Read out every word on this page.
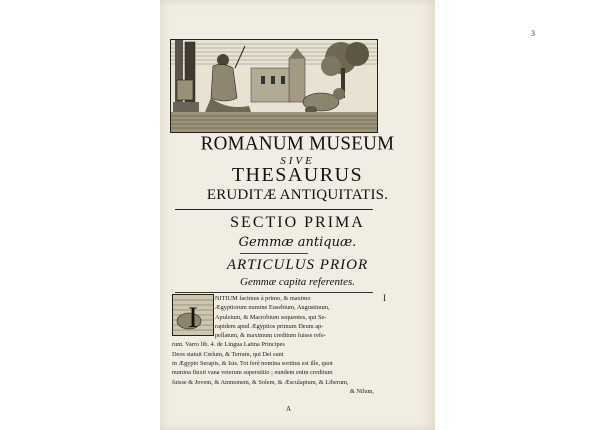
3
ROMANUM MUSEUM
SIVE
THESAURUS
ERUDITÆ ANTIQUITATIS.
SECTIO PRIMA
Gemmæ antiquæ.
ARTICULUS PRIOR
Gemmæ capita referentes.
I
NITIUM facimus à primo, & maximo
Ægyptiorum numine Eusebium, Augustinum,
Apuleium, & Macrobium sequentes, qui Se-
rapidem apud Ægyptios primum Deum ap-
pellatum, & maximum creditum fuisse refe-
runt. Varro lib. 4. de Lingua Latina Principes
Deos statuit Cœlum, & Terram, qui Dei sunt
in Ægypto Serapis, & Isis. Tot ferè nomina sortitus est ille, quot
numina finxit vana veterum superstitio ; eundem enim creditum
fuisse & Jovem, & Ammonem, & Solem, & Æsculapium, & Liberum,
& Nilum,
I
A
